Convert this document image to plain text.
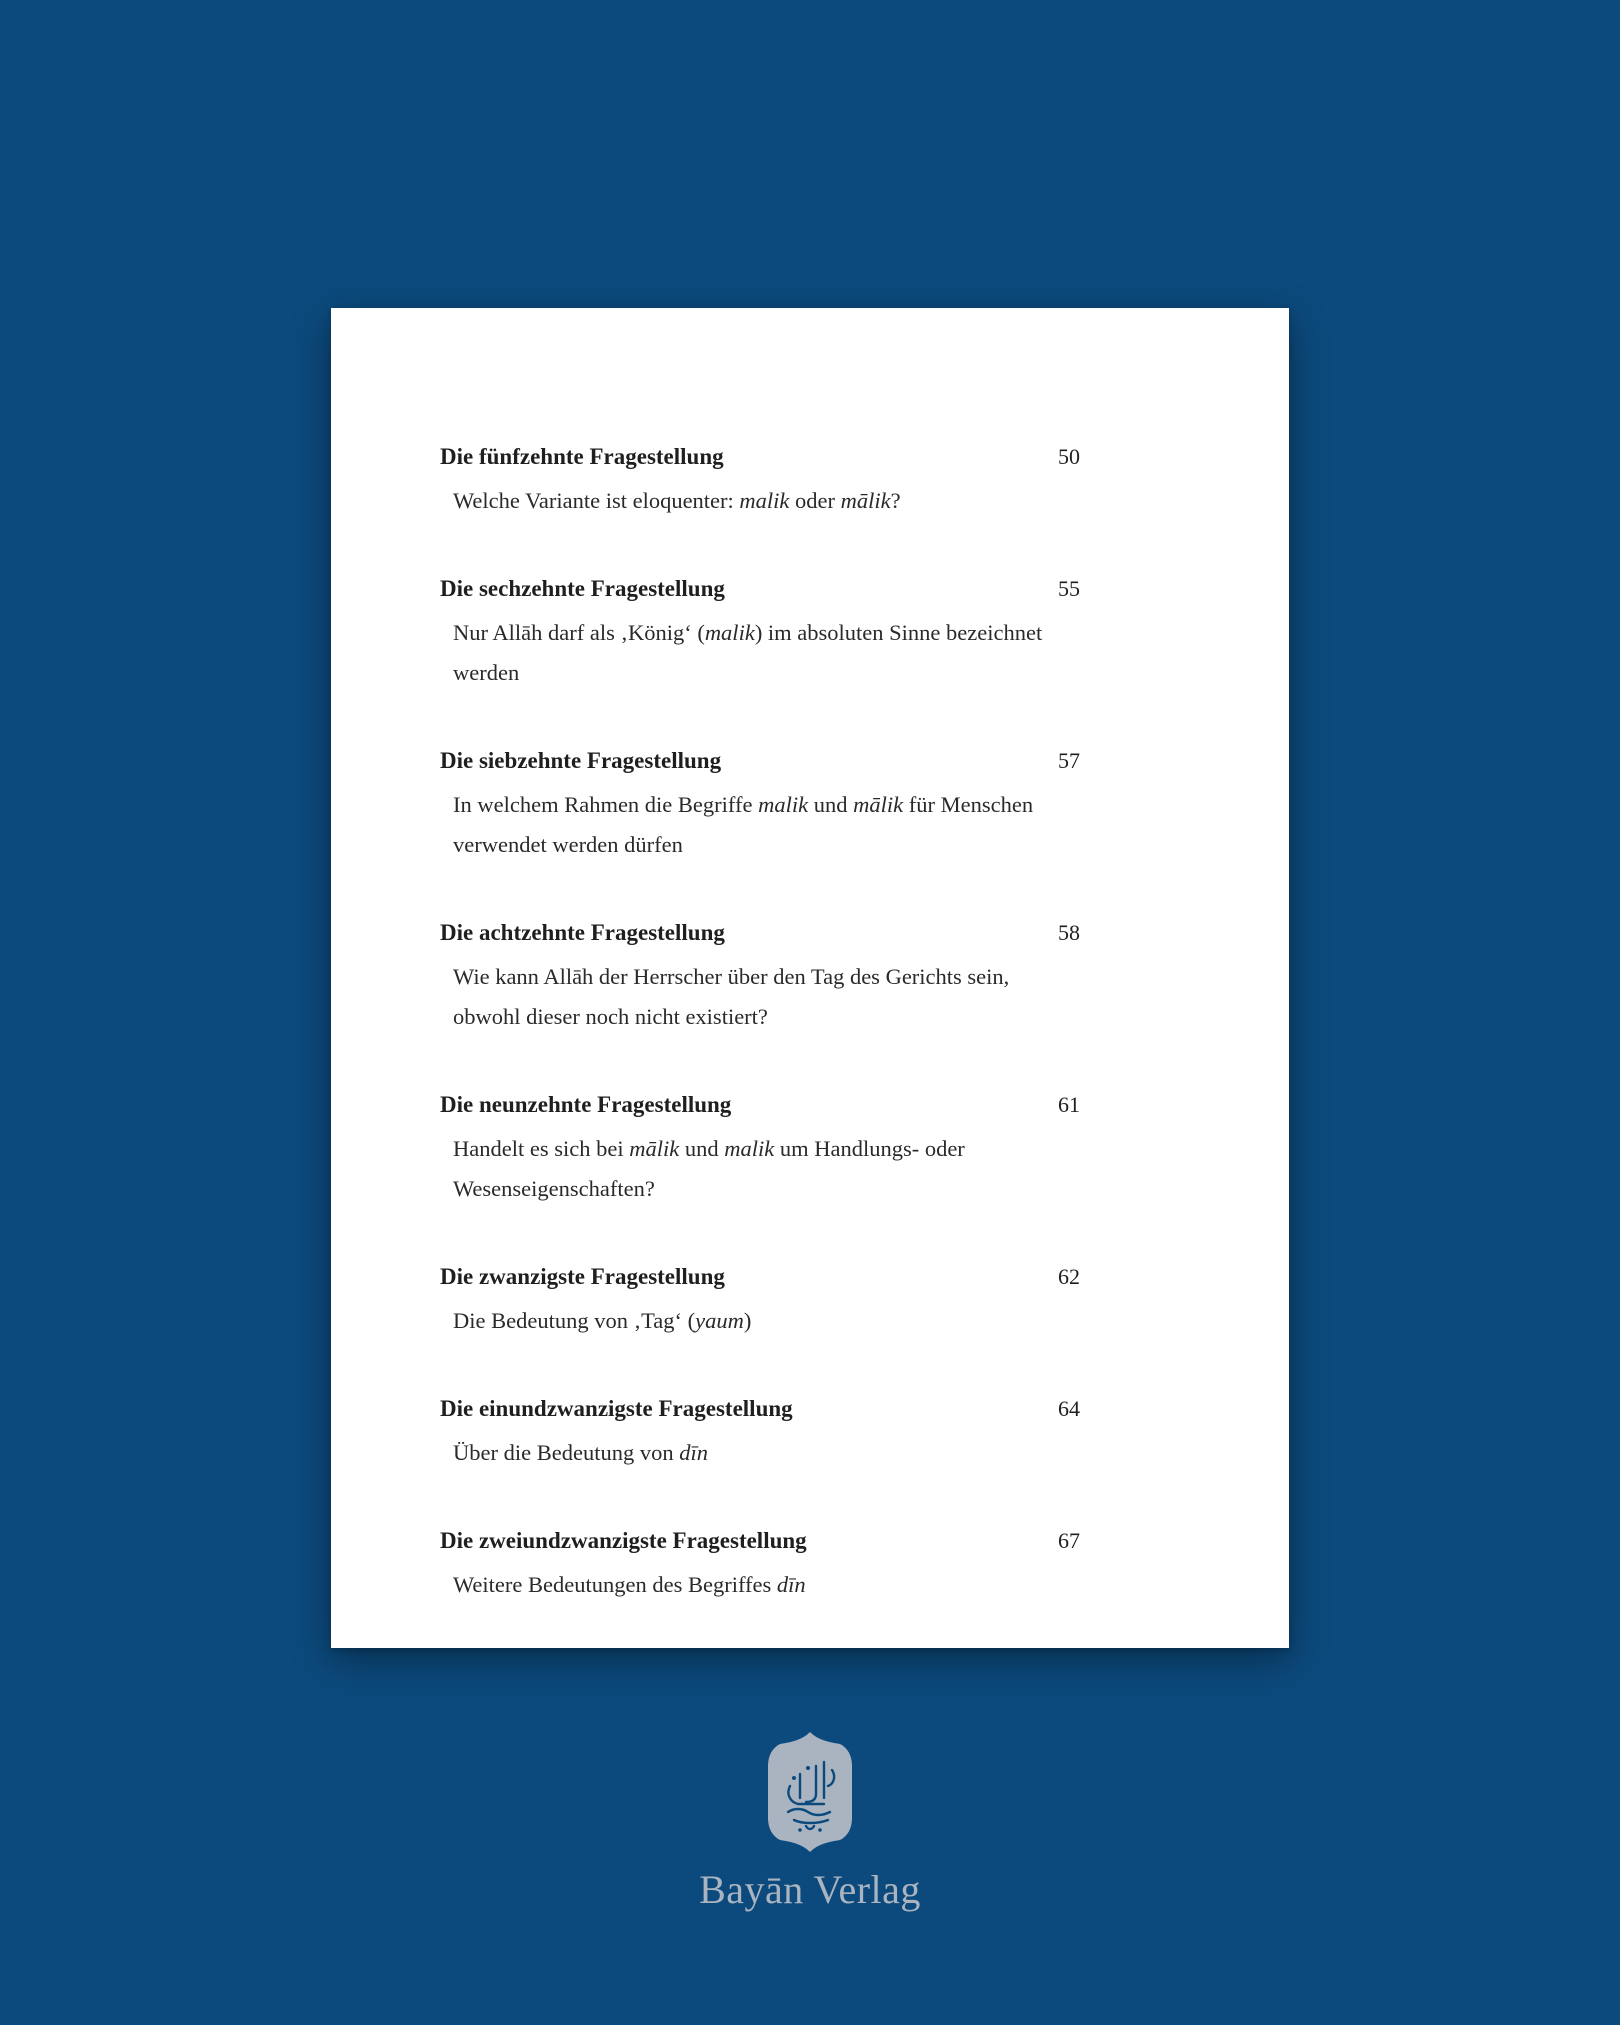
Die fünfzehnte Fragestellung	50
Welche Variante ist eloquenter: malik oder mālik?
Die sechzehnte Fragestellung	55
Nur Allāh darf als ‚König‘ (malik) im absoluten Sinne bezeichnet werden
Die siebzehnte Fragestellung	57
In welchem Rahmen die Begriffe malik und mālik für Menschen verwendet werden dürfen
Die achtzehnte Fragestellung	58
Wie kann Allāh der Herrscher über den Tag des Gerichts sein, obwohl dieser noch nicht existiert?
Die neunzehnte Fragestellung	61
Handelt es sich bei mālik und malik um Handlungs- oder Wesenseigenschaften?
Die zwanzigste Fragestellung	62
Die Bedeutung von ‚Tag‘ (yaum)
Die einundzwanzigste Fragestellung	64
Über die Bedeutung von dīn
Die zweiundzwanzigste Fragestellung	67
Weitere Bedeutungen des Begriffes dīn
Bayān Verlag
